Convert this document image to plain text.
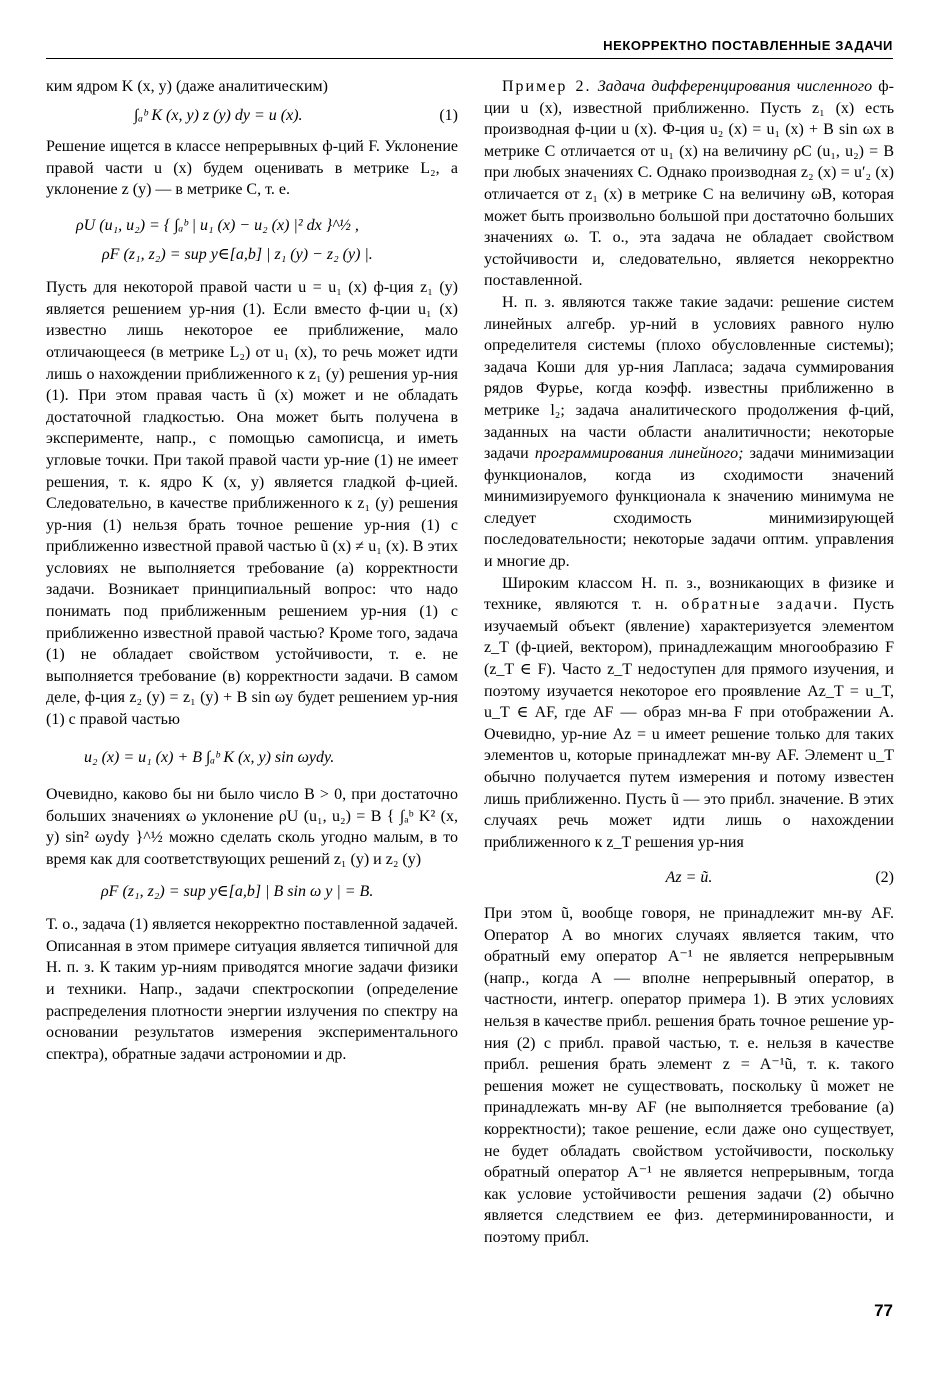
НЕКОРРЕКТНО ПОСТАВЛЕННЫЕ ЗАДАЧИ

ким ядром K (x, y) (даже аналитическим)

∫ₐᵇ K (x, y) z (y) dy = u (x).	(1)

Решение ищется в классе непрерывных ф-ций F. Уклонение правой части u (x) будем оценивать в метрике L₂, а уклонение z (y) — в метрике C, т. е.

ρU (u₁, u₂) = { ∫ₐᵇ | u₁ (x) − u₂ (x) |² dx }^½ ,
ρF (z₁, z₂) = sup y∈[a,b] | z₁ (y) − z₂ (y) |.

Пусть для некоторой правой части u = u₁ (x) ф-ция z₁ (y) является решением ур-ния (1). Если вместо ф-ции u₁ (x) известно лишь некоторое ее приближение, мало отличающееся (в метрике L₂) от u₁ (x), то речь может идти лишь о нахождении приближенного к z₁ (y) решения ур-ния (1). При этом правая часть ũ (x) может и не обладать достаточной гладкостью. Она может быть получена в эксперименте, напр., с помощью самописца, и иметь угловые точки. При такой правой части ур-ние (1) не имеет решения, т. к. ядро K (x, y) является гладкой ф-цией. Следовательно, в качестве приближенного к z₁ (y) решения ур-ния (1) нельзя брать точное решение ур-ния (1) с приближенно известной правой частью ũ (x) ≠ u₁ (x). В этих условиях не выполняется требование (а) корректности задачи. Возникает принципиальный вопрос: что надо понимать под приближенным решением ур-ния (1) с приближенно известной правой частью? Кроме того, задача (1) не обладает свойством устойчивости, т. е. не выполняется требование (в) корректности задачи. В самом деле, ф-ция z₂ (y) = z₁ (y) + B sin ωy будет решением ур-ния (1) с правой частью

u₂ (x) = u₁ (x) + B ∫ₐᵇ K (x, y) sin ωydy.

Очевидно, каково бы ни было число B > 0, при достаточно больших значениях ω уклонение ρU (u₁, u₂) = B { ∫ₐᵇ K² (x, y) sin² ωydy }^½ можно сделать сколь угодно малым, в то время как для соответствующих решений z₁ (y) и z₂ (y)

ρF (z₁, z₂) = sup y∈[a,b] | B sin ω y | = B.

Т. о., задача (1) является некорректно поставленной задачей. Описанная в этом примере ситуация является типичной для Н. п. з. К таким ур-ниям приводятся многие задачи физики и техники. Напр., задачи спектроскопии (определение распределения плотности энергии излучения по спектру на основании результатов измерения экспериментального спектра), обратные задачи астрономии и др.

Пример 2. Задача дифференцирования численного ф-ции u (x), известной приближенно. Пусть z₁ (x) есть производная ф-ции u (x). Ф-ция u₂ (x) = u₁ (x) + B sin ωx в метрике C отличается от u₁ (x) на величину ρC (u₁, u₂) = B при любых значениях C. Однако производная z₂ (x) = u′₂ (x) отличается от z₁ (x) в метрике C на величину ωB, которая может быть произвольно большой при достаточно больших значениях ω. Т. о., эта задача не обладает свойством устойчивости и, следовательно, является некорректно поставленной.

Н. п. з. являются также такие задачи: решение систем линейных алгебр. ур-ний в условиях равного нулю определителя системы (плохо обусловленные системы); задача Коши для ур-ния Лапласа; задача суммирования рядов Фурье, когда коэфф. известны приближенно в метрике l₂; задача аналитического продолжения ф-ций, заданных на части области аналитичности; некоторые задачи программирования линейного; задачи минимизации функционалов, когда из сходимости значений минимизируемого функционала к значению минимума не следует сходимость минимизирующей последовательности; некоторые задачи оптим. управления и многие др.

Широким классом Н. п. з., возникающих в физике и технике, являются т. н. обратные задачи. Пусть изучаемый объект (явление) характеризуется элементом z_T (ф-цией, вектором), принадлежащим многообразию F (z_T ∈ F). Часто z_T недоступен для прямого изучения, и поэтому изучается некоторое его проявление Az_T = u_T, u_T ∈ AF, где AF — образ мн-ва F при отображении A. Очевидно, ур-ние Az = u имеет решение только для таких элементов u, которые принадлежат мн-ву AF. Элемент u_T обычно получается путем измерения и потому известен лишь приближенно. Пусть ũ — это прибл. значение. В этих случаях речь может идти лишь о нахождении приближенного к z_T решения ур-ния

Az = ũ.	(2)

При этом ũ, вообще говоря, не принадлежит мн-ву AF. Оператор A во многих случаях является таким, что обратный ему оператор A⁻¹ не является непрерывным (напр., когда A — вполне непрерывный оператор, в частности, интегр. оператор примера 1). В этих условиях нельзя в качестве прибл. решения брать точное решение ур-ния (2) с прибл. правой частью, т. е. нельзя в качестве прибл. решения брать элемент z = A⁻¹ũ, т. к. такого решения может не существовать, поскольку ũ может не принадлежать мн-ву AF (не выполняется требование (а) корректности); такое решение, если даже оно существует, не будет обладать свойством устойчивости, поскольку обратный оператор A⁻¹ не является непрерывным, тогда как условие устойчивости решения задачи (2) обычно является следствием ее физ. детерминированности, и поэтому прибл.

77
